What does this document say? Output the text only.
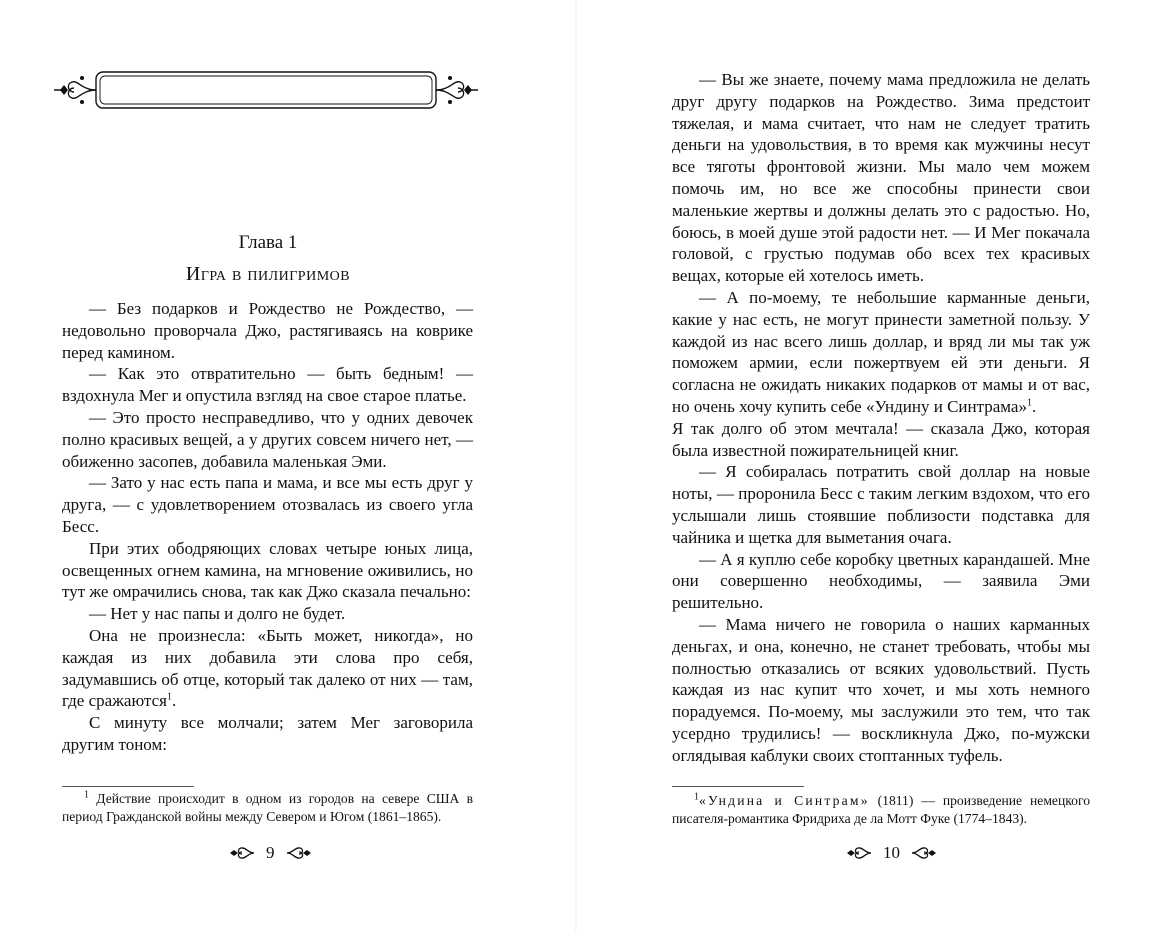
Глава 1
Игра в пилигримов

— Без подарков и Рождество не Рождество, — недовольно проворчала Джо, растягиваясь на коврике перед камином.

— Как это отвратительно — быть бедным! — вздохнула Мег и опустила взгляд на свое старое платье.

— Это просто несправедливо, что у одних девочек полно красивых вещей, а у других совсем ничего нет, — обиженно засопев, добавила маленькая Эми.

— Зато у нас есть папа и мама, и все мы есть друг у друга, — с удовлетворением отозвалась из своего угла Бесс.

При этих ободряющих словах четыре юных лица, освещенных огнем камина, на мгновение оживились, но тут же омрачились снова, так как Джо сказала печально:

— Нет у нас папы и долго не будет.

Она не произнесла: «Быть может, никогда», но каждая из них добавила эти слова про себя, задумавшись об отце, который так далеко от них — там, где сражаются$^1$.

С минуту все молчали; затем Мег заговорила другим тоном:

$^1$ Действие происходит в одном из городов на севере США в период Гражданской войны между Севером и Югом (1861–1865).

9

— Вы же знаете, почему мама предложила не делать друг другу подарков на Рождество. Зима предстоит тяжелая, и мама считает, что нам не следует тратить деньги на удовольствия, в то время как мужчины несут все тяготы фронтовой жизни. Мы мало чем можем помочь им, но все же способны принести свои маленькие жертвы и должны делать это с радостью. Но, боюсь, в моей душе этой радости нет. — И Мег покачала головой, с грустью подумав обо всех тех красивых вещах, которые ей хотелось иметь.

— А по-моему, те небольшие карманные деньги, какие у нас есть, не могут принести заметной пользу. У каждой из нас всего лишь доллар, и вряд ли мы так уж поможем армии, если пожертвуем ей эти деньги. Я согласна не ожидать никаких подарков от мамы и от вас, но очень хочу купить себе «Ундину и Синтрама»$^1$.

Я так долго об этом мечтала! — сказала Джо, которая была известной пожирательницей книг.

— Я собиралась потратить свой доллар на новые ноты, — проронила Бесс с таким легким вздохом, что его услышали лишь стоявшие поблизости подставка для чайника и щетка для выметания очага.

— А я куплю себе коробку цветных карандашей. Мне они совершенно необходимы, — заявила Эми решительно.

— Мама ничего не говорила о наших карманных деньгах, и она, конечно, не станет требовать, чтобы мы полностью отказались от всяких удовольствий. Пусть каждая из нас купит что хочет, и мы хоть немного порадуемся. По-моему, мы заслужили это тем, что так усердно трудились! — воскликнула Джо, по-мужски оглядывая каблуки своих стоптанных туфель.

$^1$«Ундина и Синтрам» (1811) — произведение немецкого писателя-романтика Фридриха де ла Мотт Фуке (1774–1843).

10
